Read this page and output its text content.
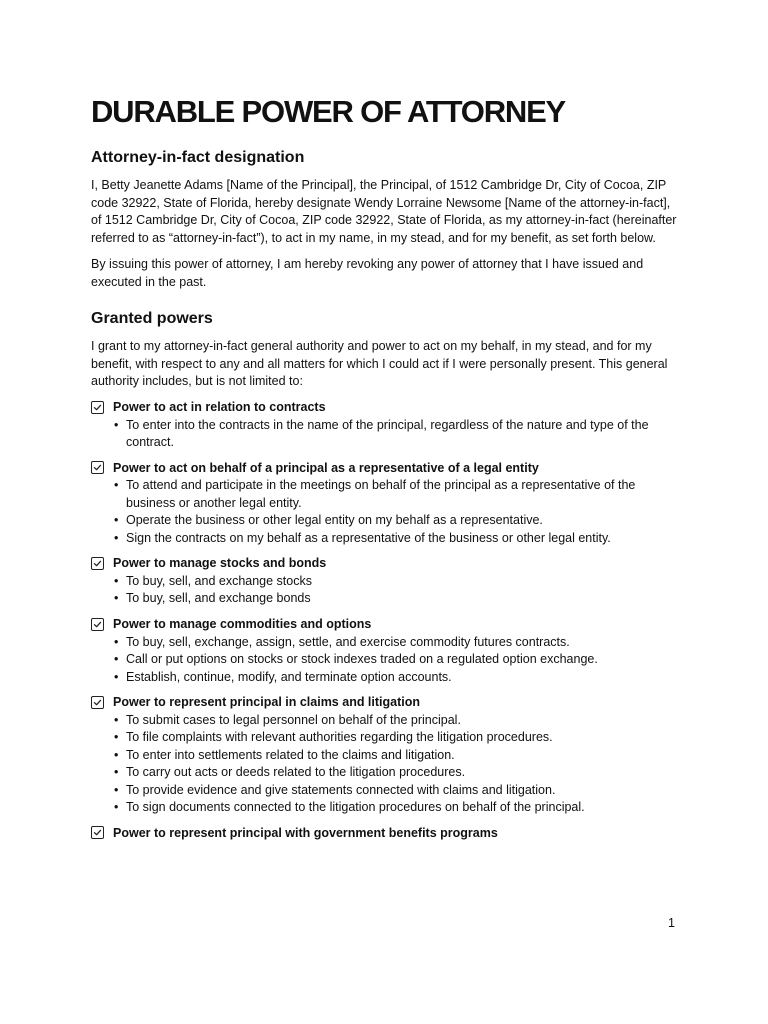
DURABLE POWER OF ATTORNEY
Attorney-in-fact designation

I, Betty Jeanette Adams [Name of the Principal], the Principal, of 1512 Cambridge Dr, City of Cocoa, ZIP code 32922, State of Florida, hereby designate Wendy Lorraine Newsome [Name of the attorney-in-fact], of 1512 Cambridge Dr, City of Cocoa, ZIP code 32922, State of Florida, as my attorney-in-fact (hereinafter referred to as “attorney-in-fact”), to act in my name, in my stead, and for my benefit, as set forth below.

By issuing this power of attorney, I am hereby revoking any power of attorney that I have issued and executed in the past.

Granted powers

I grant to my attorney-in-fact general authority and power to act on my behalf, in my stead, and for my benefit, with respect to any and all matters for which I could act if I were personally present. This general authority includes, but is not limited to:

Power to act in relation to contracts
• To enter into the contracts in the name of the principal, regardless of the nature and type of the contract.
Power to act on behalf of a principal as a representative of a legal entity
• To attend and participate in the meetings on behalf of the principal as a representative of the business or another legal entity.
• Operate the business or other legal entity on my behalf as a representative.
• Sign the contracts on my behalf as a representative of the business or other legal entity.
Power to manage stocks and bonds
• To buy, sell, and exchange stocks
• To buy, sell, and exchange bonds
Power to manage commodities and options
• To buy, sell, exchange, assign, settle, and exercise commodity futures contracts.
• Call or put options on stocks or stock indexes traded on a regulated option exchange.
• Establish, continue, modify, and terminate option accounts.
Power to represent principal in claims and litigation
• To submit cases to legal personnel on behalf of the principal.
• To file complaints with relevant authorities regarding the litigation procedures.
• To enter into settlements related to the claims and litigation.
• To carry out acts or deeds related to the litigation procedures.
• To provide evidence and give statements connected with claims and litigation.
• To sign documents connected to the litigation procedures on behalf of the principal.
Power to represent principal with government benefits programs
1
